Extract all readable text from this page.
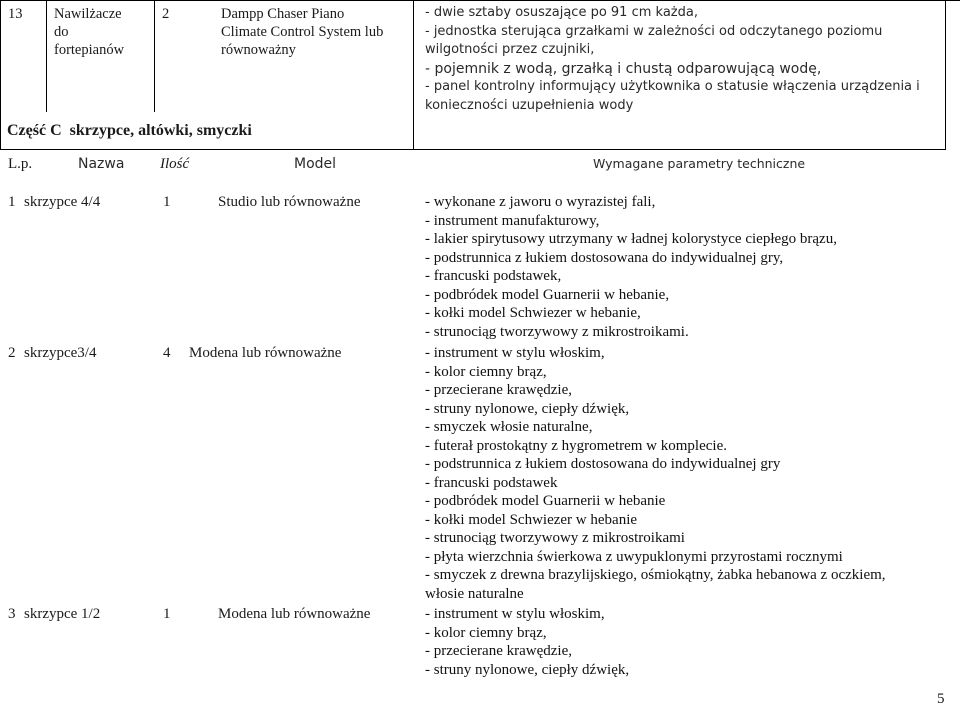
13 Nawilżacze
do
fortepianów
2	Dampp Chaser Piano
Climate Control System lub
równoważny
- dwie sztaby osuszające po 91 cm każda,
- jednostka sterująca grzałkami w zależności od odczytanego poziomu
wilgotności przez czujniki,
- pojemnik z wodą, grzałką i chustą odparowującą wodę,
- panel kontrolny informujący użytkownika o statusie włączenia urządzenia i
konieczności uzupełnienia wody
Część C  skrzypce, altówki, smyczki
L.p.	Nazwa Ilość	Model	Wymagane parametry techniczne
1 skrzypce 4/4	1	Studio lub równoważne	- wykonane z jaworu o wyrazistej fali,
- instrument manufakturowy,
- lakier spirytusowy utrzymany w ładnej kolorystyce ciepłego brązu,
- podstrunnica z łukiem dostosowana do indywidualnej gry,
- francuski podstawek,
- podbródek model Guarnerii w hebanie,
- kołki model Schwiezer w hebanie,
- strunociąg tworzywowy z mikrostroikami.
2 skrzypce3/4	4 Modena lub równoważne	- instrument w stylu włoskim,
- kolor ciemny brąz,
- przecierane krawędzie,
- struny nylonowe, ciepły dźwięk,
- smyczek włosie naturalne,
- futerał prostokątny z hygrometrem w komplecie.
- podstrunnica z łukiem dostosowana do indywidualnej gry
- francuski podstawek
- podbródek model Guarnerii w hebanie
- kołki model Schwiezer w hebanie
- strunociąg tworzywowy z mikrostroikami
- płyta wierzchnia świerkowa z uwypuklonymi przyrostami rocznymi
- smyczek z drewna brazylijskiego, ośmiokątny, żabka hebanowa z oczkiem,
włosie naturalne
3 skrzypce 1/2	1	Modena lub równoważne	- instrument w stylu włoskim,
- kolor ciemny brąz,
- przecierane krawędzie,
- struny nylonowe, ciepły dźwięk,
5
